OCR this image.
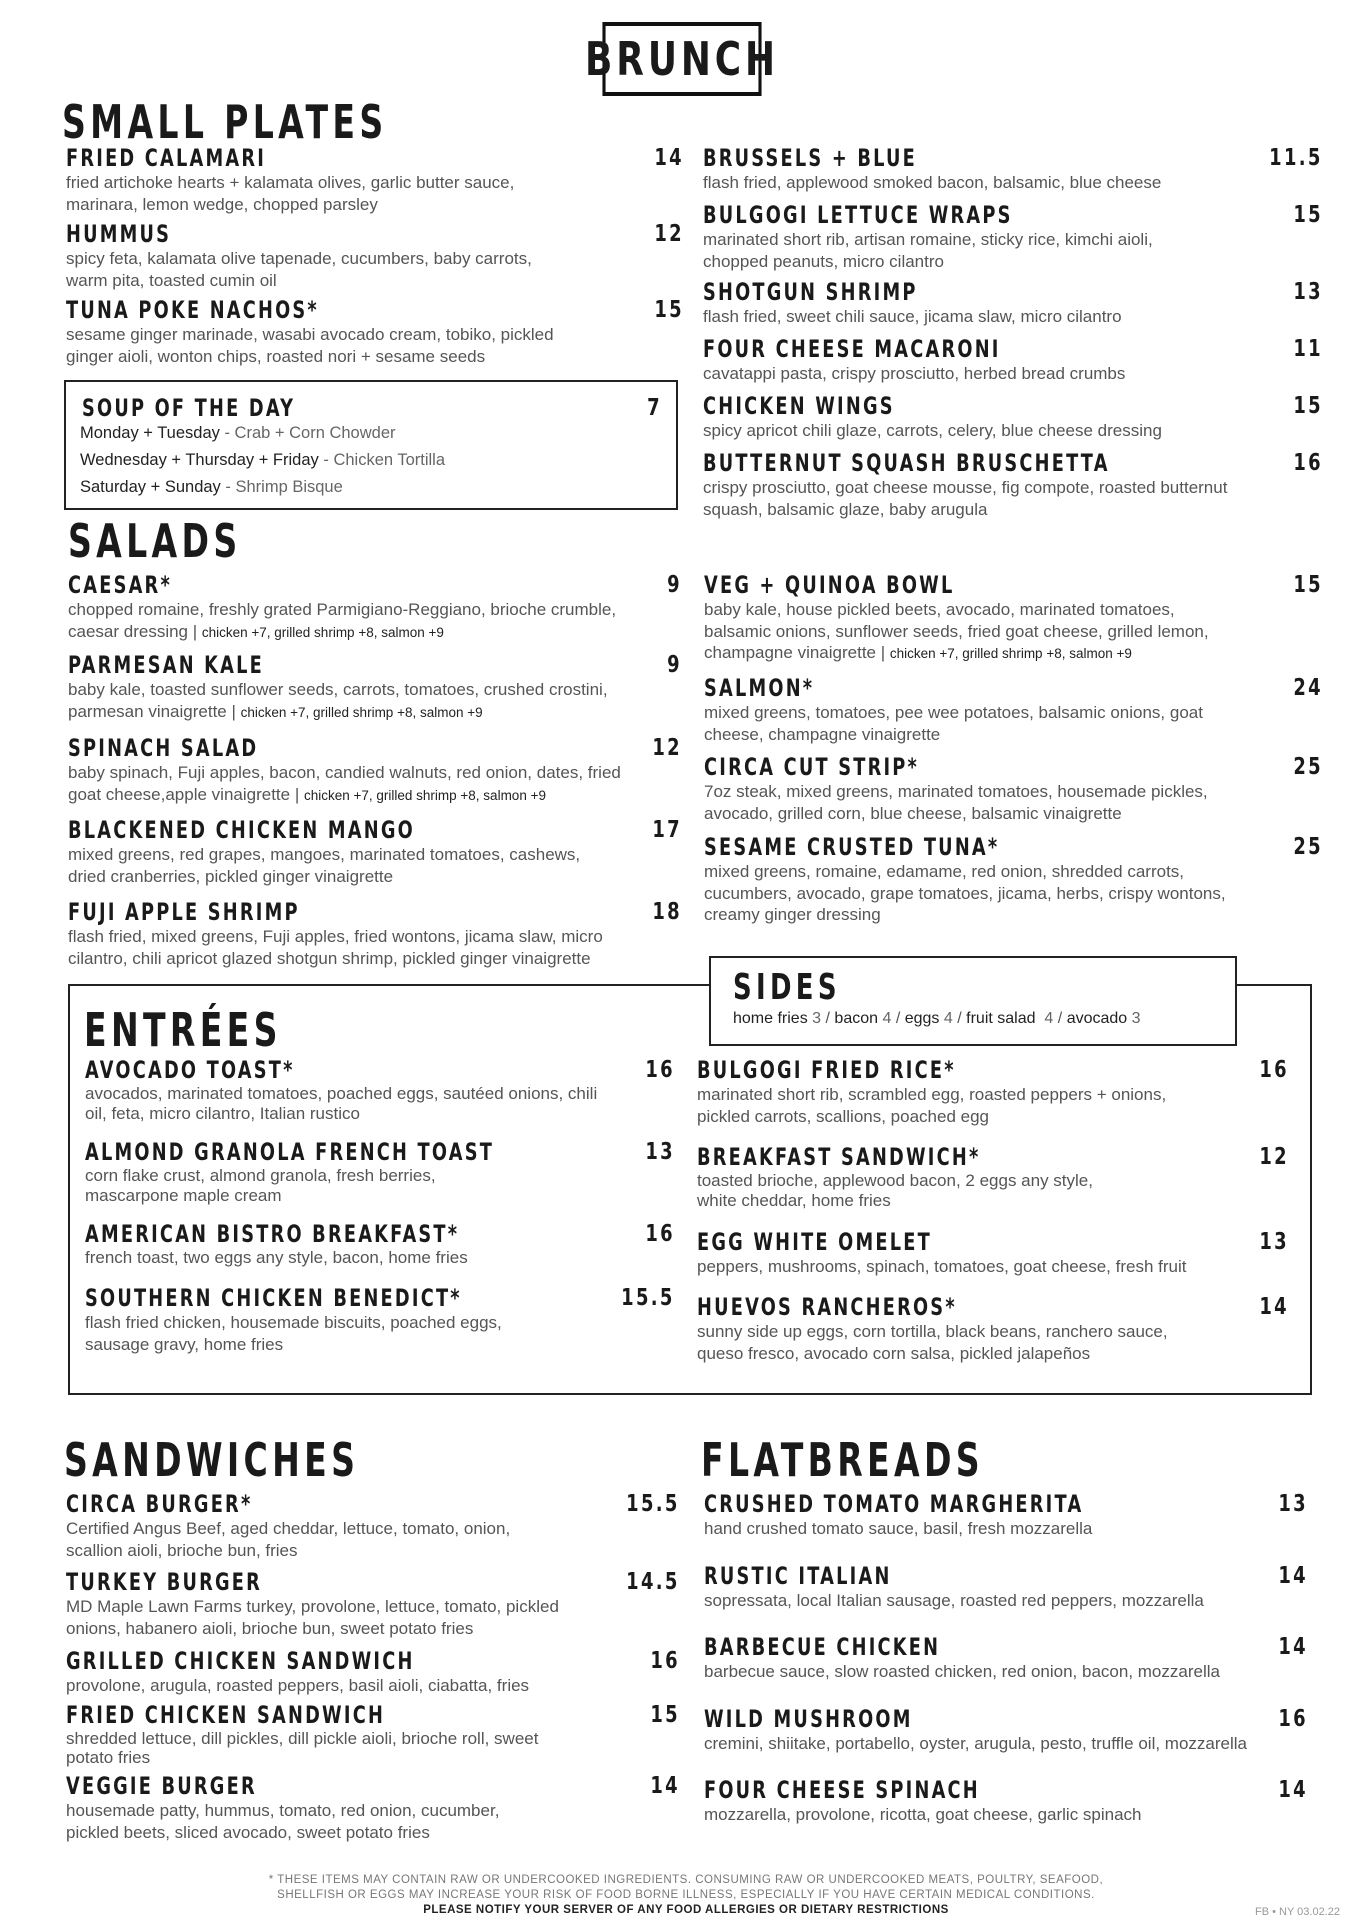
BRUNCH
SMALL PLATES
FRIED CALAMARI	14
fried artichoke hearts + kalamata olives, garlic butter sauce, marinara, lemon wedge, chopped parsley
HUMMUS	12
spicy feta, kalamata olive tapenade, cucumbers, baby carrots, warm pita, toasted cumin oil
TUNA POKE NACHOS*	15
sesame ginger marinade, wasabi avocado cream, tobiko, pickled ginger aioli, wonton chips, roasted nori + sesame seeds
SOUP OF THE DAY	7
Monday + Tuesday - Crab + Corn Chowder
Wednesday + Thursday + Friday - Chicken Tortilla
Saturday + Sunday - Shrimp Bisque
BRUSSELS + BLUE	11.5
flash fried, applewood smoked bacon, balsamic, blue cheese
BULGOGI LETTUCE WRAPS	15
marinated short rib, artisan romaine, sticky rice, kimchi aioli, chopped peanuts, micro cilantro
SHOTGUN SHRIMP	13
flash fried, sweet chili sauce, jicama slaw, micro cilantro
FOUR CHEESE MACARONI	11
cavatappi pasta, crispy prosciutto, herbed bread crumbs
CHICKEN WINGS	15
spicy apricot chili glaze, carrots, celery, blue cheese dressing
BUTTERNUT SQUASH BRUSCHETTA	16
crispy prosciutto, goat cheese mousse, fig compote, roasted butternut squash, balsamic glaze, baby arugula
SALADS
CAESAR*	9
chopped romaine, freshly grated Parmigiano-Reggiano, brioche crumble, caesar dressing | chicken +7, grilled shrimp +8, salmon +9
PARMESAN KALE	9
baby kale, toasted sunflower seeds, carrots, tomatoes, crushed crostini, parmesan vinaigrette | chicken +7, grilled shrimp +8, salmon +9
SPINACH SALAD	12
baby spinach, Fuji apples, bacon, candied walnuts, red onion, dates, fried goat cheese,apple vinaigrette | chicken +7, grilled shrimp +8, salmon +9
BLACKENED CHICKEN MANGO	17
mixed greens, red grapes, mangoes, marinated tomatoes, cashews, dried cranberries, pickled ginger vinaigrette
FUJI APPLE SHRIMP	18
flash fried, mixed greens, Fuji apples, fried wontons, jicama slaw, micro cilantro, chili apricot glazed shotgun shrimp, pickled ginger vinaigrette
VEG + QUINOA BOWL	15
baby kale, house pickled beets, avocado, marinated tomatoes, balsamic onions, sunflower seeds, fried goat cheese, grilled lemon, champagne vinaigrette | chicken +7, grilled shrimp +8, salmon +9
SALMON*	24
mixed greens, tomatoes, pee wee potatoes, balsamic onions, goat cheese, champagne vinaigrette
CIRCA CUT STRIP*	25
7oz steak, mixed greens, marinated tomatoes, housemade pickles, avocado, grilled corn, blue cheese, balsamic vinaigrette
SESAME CRUSTED TUNA*	25
mixed greens, romaine, edamame, red onion, shredded carrots, cucumbers, avocado, grape tomatoes, jicama, herbs, crispy wontons, creamy ginger dressing
ENTRÉES
AVOCADO TOAST*	16
avocados, marinated tomatoes, poached eggs, sautéed onions, chili oil, feta, micro cilantro, Italian rustico
ALMOND GRANOLA FRENCH TOAST	13
corn flake crust, almond granola, fresh berries, mascarpone maple cream
AMERICAN BISTRO BREAKFAST*	16
french toast, two eggs any style, bacon, home fries
SOUTHERN CHICKEN BENEDICT*	15.5
flash fried chicken, housemade biscuits, poached eggs, sausage gravy, home fries
BULGOGI FRIED RICE*	16
marinated short rib, scrambled egg, roasted peppers + onions, pickled carrots, scallions, poached egg
BREAKFAST SANDWICH*	12
toasted brioche, applewood bacon, 2 eggs any style, white cheddar, home fries
EGG WHITE OMELET	13
peppers, mushrooms, spinach, tomatoes, goat cheese, fresh fruit
HUEVOS RANCHEROS*	14
sunny side up eggs, corn tortilla, black beans, ranchero sauce, queso fresco, avocado corn salsa, pickled jalapeños
SIDES
home fries 3 / bacon 4 / eggs 4 / fruit salad 4 / avocado 3
SANDWICHES
CIRCA BURGER*	15.5
Certified Angus Beef, aged cheddar, lettuce, tomato, onion, scallion aioli, brioche bun, fries
TURKEY BURGER	14.5
MD Maple Lawn Farms turkey, provolone, lettuce, tomato, pickled onions, habanero aioli, brioche bun, sweet potato fries
GRILLED CHICKEN SANDWICH	16
provolone, arugula, roasted peppers, basil aioli, ciabatta, fries
FRIED CHICKEN SANDWICH	15
shredded lettuce, dill pickles, dill pickle aioli, brioche roll, sweet potato fries
VEGGIE BURGER	14
housemade patty, hummus, tomato, red onion, cucumber, pickled beets, sliced avocado, sweet potato fries
FLATBREADS
CRUSHED TOMATO MARGHERITA	13
hand crushed tomato sauce, basil, fresh mozzarella
RUSTIC ITALIAN	14
sopressata, local Italian sausage, roasted red peppers, mozzarella
BARBECUE CHICKEN	14
barbecue sauce, slow roasted chicken, red onion, bacon, mozzarella
WILD MUSHROOM	16
cremini, shiitake, portabello, oyster, arugula, pesto, truffle oil, mozzarella
FOUR CHEESE SPINACH	14
mozzarella, provolone, ricotta, goat cheese, garlic spinach
* THESE ITEMS MAY CONTAIN RAW OR UNDERCOOKED INGREDIENTS. CONSUMING RAW OR UNDERCOOKED MEATS, POULTRY, SEAFOOD,
SHELLFISH OR EGGS MAY INCREASE YOUR RISK OF FOOD BORNE ILLNESS, ESPECIALLY IF YOU HAVE CERTAIN MEDICAL CONDITIONS.
PLEASE NOTIFY YOUR SERVER OF ANY FOOD ALLERGIES OR DIETARY RESTRICTIONS	FB • NY 03.02.22
